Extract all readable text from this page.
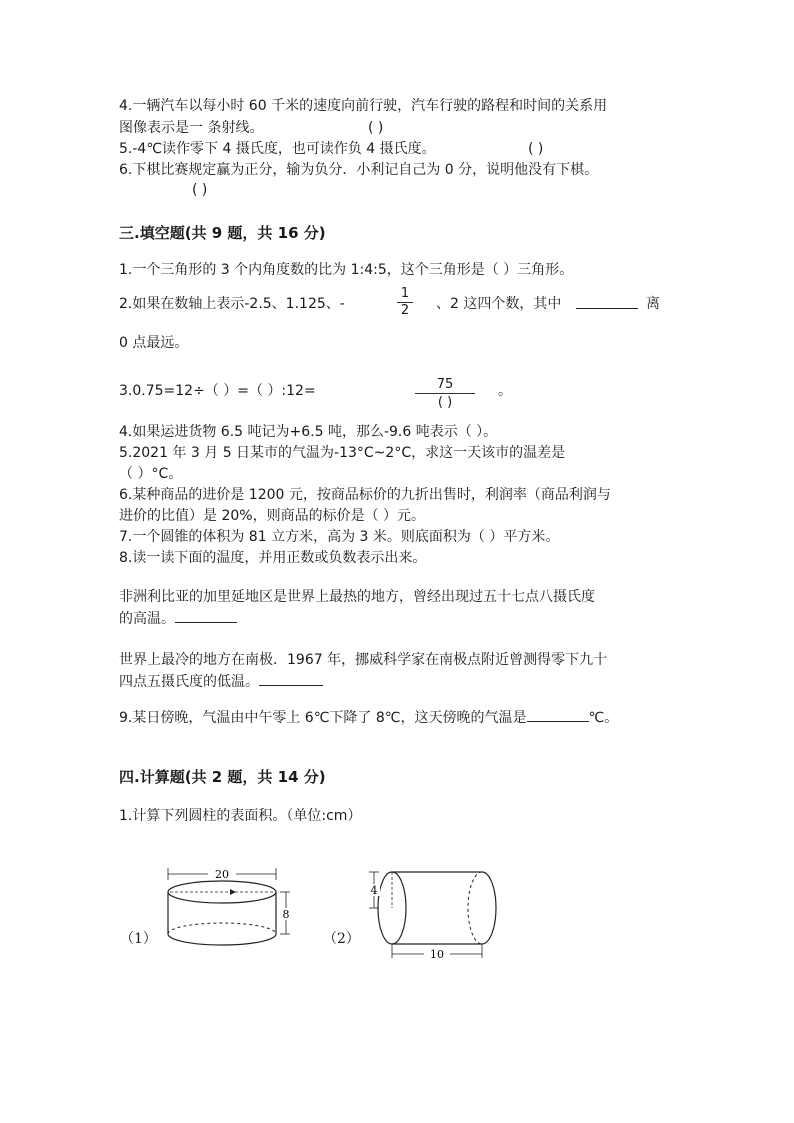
4.一辆汽车以每小时 60 千米的速度向前行驶，汽车行驶的路程和时间的关系用
图像表示是一 条射线。	( )
5.-4℃读作零下 4 摄氏度，也可读作负 4 摄氏度。	( )
6.下棋比赛规定赢为正分，输为负分．小利记自己为 0 分，说明他没有下棋。
( )
三.填空题(共 9 题，共 16 分)
1.一个三角形的 3 个内角度数的比为 1:4:5，这个三角形是（ ）三角形。
2.如果在数轴上表示-2.5、1.125、-
1
2 、2 这四个数，其中	离
0 点最远。
3.0.75=12÷（ ）=（ ）:12=	75
( )
。
4.如果运进货物 6.5 吨记为+6.5 吨，那么-9.6 吨表示（ ）。
5.2021 年 3 月 5 日某市的气温为-13°C~2°C，求这一天该市的温差是
（ ）°C。
6.某种商品的进价是 1200 元，按商品标价的九折出售时，利润率（商品利润与
进价的比值）是 20%，则商品的标价是（ ）元。
7.一个圆锥的体积为 81 立方米，高为 3 米。则底面积为（ ）平方米。
8.读一读下面的温度，并用正数或负数表示出来。
非洲利比亚的加里延地区是世界上最热的地方，曾经出现过五十七点八摄氏度
的高温。
世界上最冷的地方在南极．1967 年，挪威科学家在南极点附近曾测得零下九十
四点五摄氏度的低温。
9.某日傍晚，气温由中午零上 6℃下降了 8℃，这天傍晚的气温是	℃。
四.计算题(共 2 题，共 14 分)
1.计算下列圆柱的表面积。（单位:cm）
（1）
20
8
（2）
4
10
